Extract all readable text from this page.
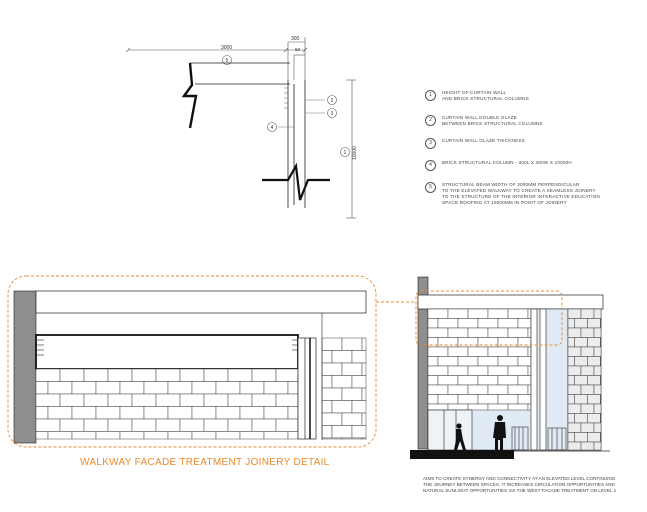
3000
300
50
5
2
3
4
1 10000
1	HEIGHT OF CURTAIN WALL
AND BRICK STRUCTURAL COLUMNS
2	CURTAIN WALL DOUBLE GLAZE
BETWEEN BRICK STRUCTURAL COLUMNS
3	CURTAIN WALL GLAZE THICKNESS
4	BRICK STRUCTURAL COLUMN - 300L X 300W X 10000H
5	STRUCTURAL BEAM WIDTH OF 3000MM PERPENDICULAR
TO THE ELEVATED WALKWAY TO CREATE A SEAMLESS JOINERY
TO THE STRUCTURE OF THE INTERIOR INTERACTIVE EDUCATION
SPACE ROOFING AT 10000MM IN POINT OF JOINERY
WALKWAY FACADE TREATMENT JOINERY DETAIL
AIMS TO CREATE SYNERGY AND CONNECTIVITY AT AN ELEVATED LEVEL CONTINUING
THE JOURNEY BETWEEN SPACES. IT INCREASES CIRCULATION OPPORTUNITIES AND
NATURAL SUNLIGHT OPPORTUNITIES VIA THE WEST FACADE TREATMENT ON LEVEL 1
